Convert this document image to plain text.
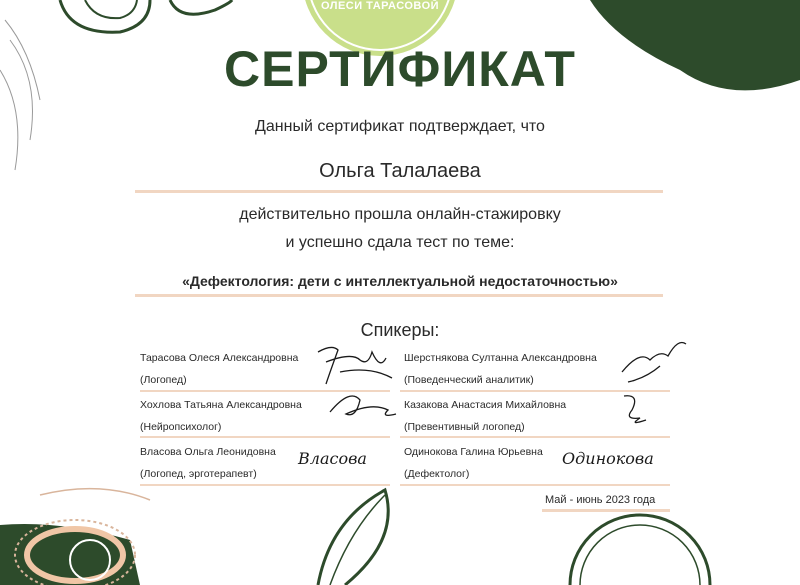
ОЛЕСИ ТАРАСОВОЙ
СЕРТИФИКАТ
Данный сертификат подтверждает, что
Ольга Талалаева
действительно прошла онлайн-стажировку
и успешно сдала тест по теме:
«Дефектология: дети с интеллектуальной недостаточностью»
Спикеры:
Тарасова Олеся Александровна
(Логопед)
Хохлова Татьяна Александровна
(Нейропсихолог)
Власова Ольга Леонидовна
(Логопед, эрготерапевт)
Шерстнякова Султанна Александровна
(Поведенческий аналитик)
Казакова Анастасия Михайловна
(Превентивный логопед)
Одинокова Галина Юрьевна
(Дефектолог)
Власова	Одинокова
Май - июнь 2023 года
